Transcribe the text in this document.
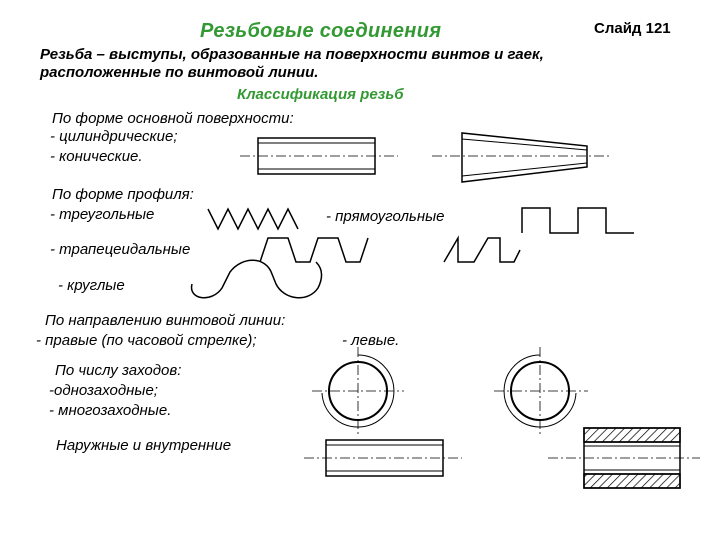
Резьбовые соединения	Слайд 121
Резьба – выступы, образованные на поверхности винтов и гаек,
расположенные по винтовой линии.
Классификация резьб
По форме основной поверхности:
- цилиндрические;
- конические.
По форме профиля:
- треугольные	- прямоугольные
- трапецеидальные
- круглые
По направлению винтовой линии:
- правые (по часовой стрелке);	- левые.
По числу заходов:
-однозаходные;
- многозаходные.
Наружные и внутренние
